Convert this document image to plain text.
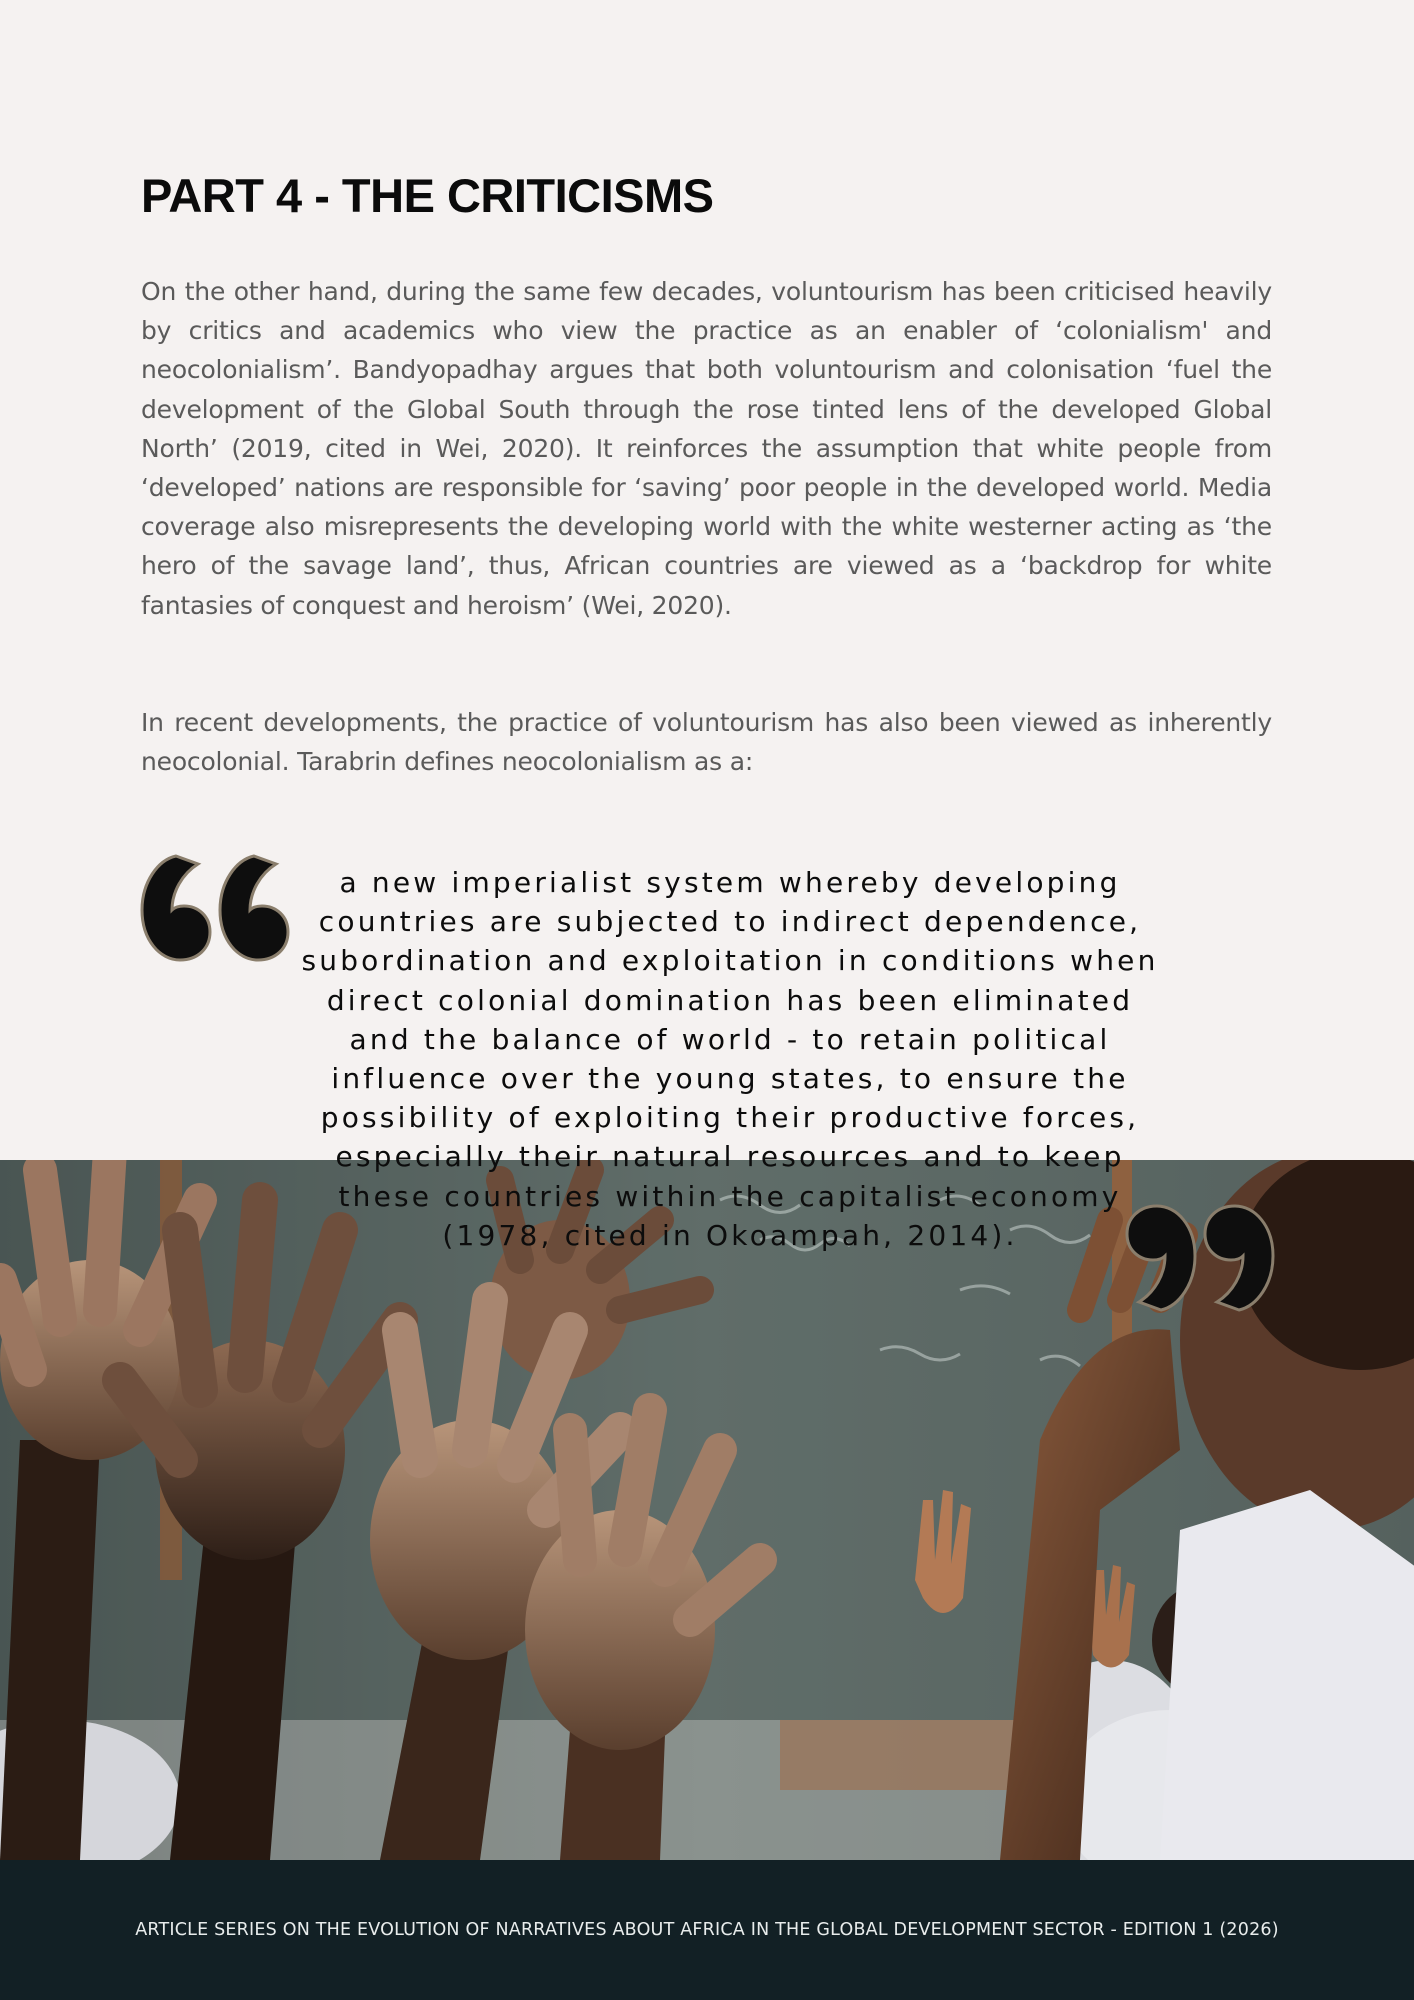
PART 4 - THE CRITICISMS

On the other hand, during the same few decades, voluntourism has been criticised heavily by critics and academics who view the practice as an enabler of ‘colonialism' and neocolonialism’. Bandyopadhay argues that both voluntourism and colonisation ‘fuel the development of the Global South through the rose tinted lens of the developed Global North’ (2019, cited in Wei, 2020). It reinforces the assumption that white people from ‘developed’ nations are responsible for ‘saving’ poor people in the developed world. Media coverage also misrepresents the developing world with the white westerner acting as ‘the hero of the savage land’, thus, African countries are viewed as a ‘backdrop for white fantasies of conquest and heroism’ (Wei, 2020).

In recent developments, the practice of voluntourism has also been viewed as inherently neocolonial. Tarabrin defines neocolonialism as a:

a new imperialist system whereby developing countries are subjected to indirect dependence, subordination and exploitation in conditions when direct colonial domination has been eliminated and the balance of world - to retain political influence over the young states, to ensure the possibility of exploiting their productive forces, especially their natural resources and to keep these countries within the capitalist economy (1978, cited in Okoampah, 2014).

ARTICLE SERIES ON THE EVOLUTION OF NARRATIVES ABOUT AFRICA IN THE GLOBAL DEVELOPMENT SECTOR - EDITION 1 (2026)
